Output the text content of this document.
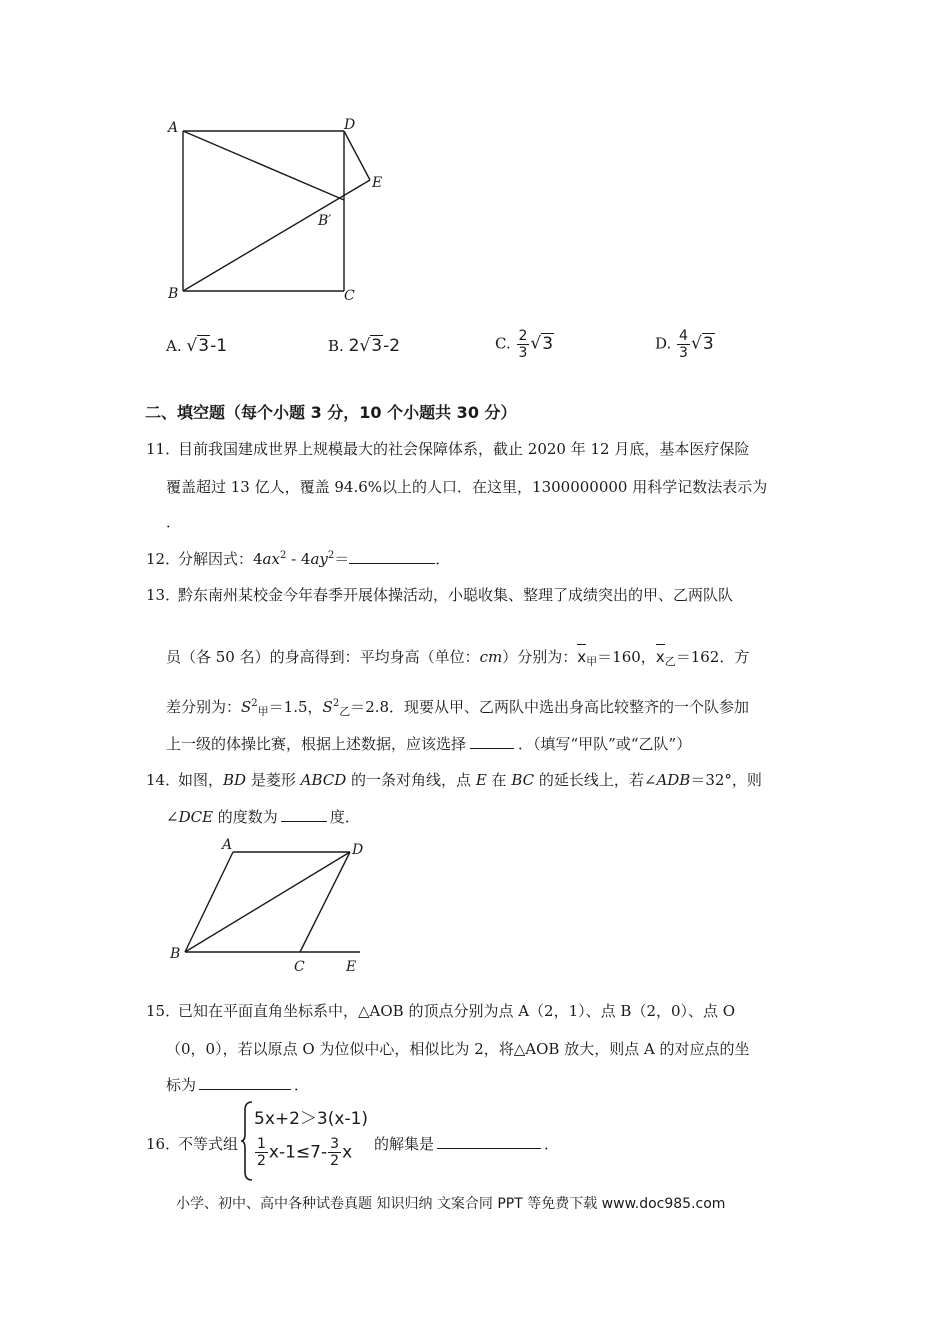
A	D
E
B′
B	C
A. √3-1	B. 2√3-2	C. $\frac{2}{3} √3$	D. $\frac{4}{3} √3$
二、填空题（每个小题 3 分，10 个小题共 30 分）
11．
目前我国建成世界上规模最大的社会保障体系，截止 2020 年 12 月底，基本医疗保险
覆盖超过 13 亿人，覆盖 94.6%以上的人口．在这里，1300000000 用科学记数法表示为
．
12．
分解因式：$4ax^2 - 4ay^2=$	．
13．
黔东南州某校金今年春季开展体操活动，小聪收集、整理了成绩突出的甲、乙两队队
员（各 50 名）的身高得到：平均身高（单位：cm）分别为：$x_甲=160$，$x_乙=162$．方
差分别为：$S^2_甲=1.5$，$S^2_乙=2.8$．现要从甲、乙两队中选出身高比较整齐的一个队参加
上一级的体操比赛，根据上述数据，应该选择	．（填写“甲队”或“乙队”）
14．
如图，BD 是菱形 ABCD 的一条对角线，点 E 在 BC 的延长线上，若∠ADB＝32°，则
∠DCE 的度数为	度．
A	D
B
C	E
15．
已知在平面直角坐标系中，△AOB 的顶点分别为点 A（2，1）、点 B（2，0）、点 O
（0，0），若以原点 O 为位似中心，相似比为 2，将△AOB 放大，则点 A 的对应点的坐
标为	．
16．
不等式组
5x+2＞3(x-1)
$\frac{1}{2} x-1\le 7- \frac{3}{2}$ x 的解集是	．
小学、初中、高中各种试卷真题 知识归纳 文案合同 PPT 等免费下载 www.doc985.com
